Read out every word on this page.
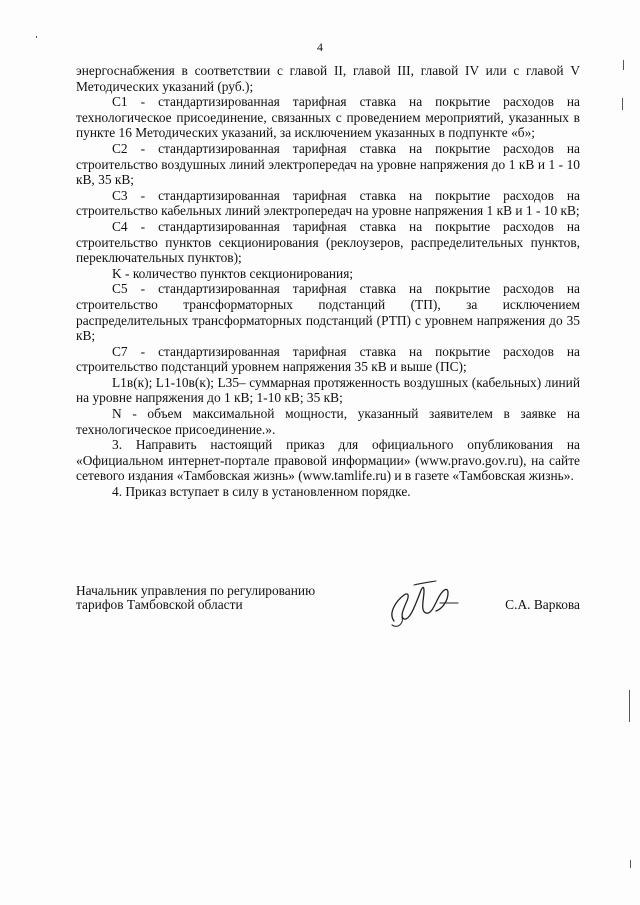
4

энергоснабжения в соответствии с главой II, главой III, главой IV или с главой V Методических указаний (руб.);

C1 - стандартизированная тарифная ставка на покрытие расходов на технологическое присоединение, связанных с проведением мероприятий, указанных в пункте 16 Методических указаний, за исключением указанных в подпункте «б»;

C2 - стандартизированная тарифная ставка на покрытие расходов на строительство воздушных линий электропередач на уровне напряжения до 1 кВ и 1 - 10 кВ, 35 кВ;

C3 - стандартизированная тарифная ставка на покрытие расходов на строительство кабельных линий электропередач на уровне напряжения 1 кВ и 1 - 10 кВ;

C4 - стандартизированная тарифная ставка на покрытие расходов на строительство пунктов секционирования (реклоузеров, распределительных пунктов, переключательных пунктов);

K - количество пунктов секционирования;

C5 - стандартизированная тарифная ставка на покрытие расходов на строительство трансформаторных подстанций (ТП), за исключением распределительных трансформаторных подстанций (РТП) с уровнем напряжения до 35 кВ;

C7 - стандартизированная тарифная ставка на покрытие расходов на строительство подстанций уровнем напряжения 35 кВ и выше (ПС);

L1в(к); L1-10в(к); L35– суммарная протяженность воздушных (кабельных) линий на уровне напряжения до 1 кВ; 1-10 кВ; 35 кВ;

N - объем максимальной мощности, указанный заявителем в заявке на технологическое присоединение.».

3. Направить настоящий приказ для официального опубликования на «Официальном интернет-портале правовой информации» (www.pravo.gov.ru), на сайте сетевого издания «Тамбовская жизнь» (www.tamlife.ru) и в газете «Тамбовская жизнь».

4. Приказ вступает в силу в установленном порядке.

Начальник управления по регулированию
тарифов Тамбовской области	С.А. Варкова
